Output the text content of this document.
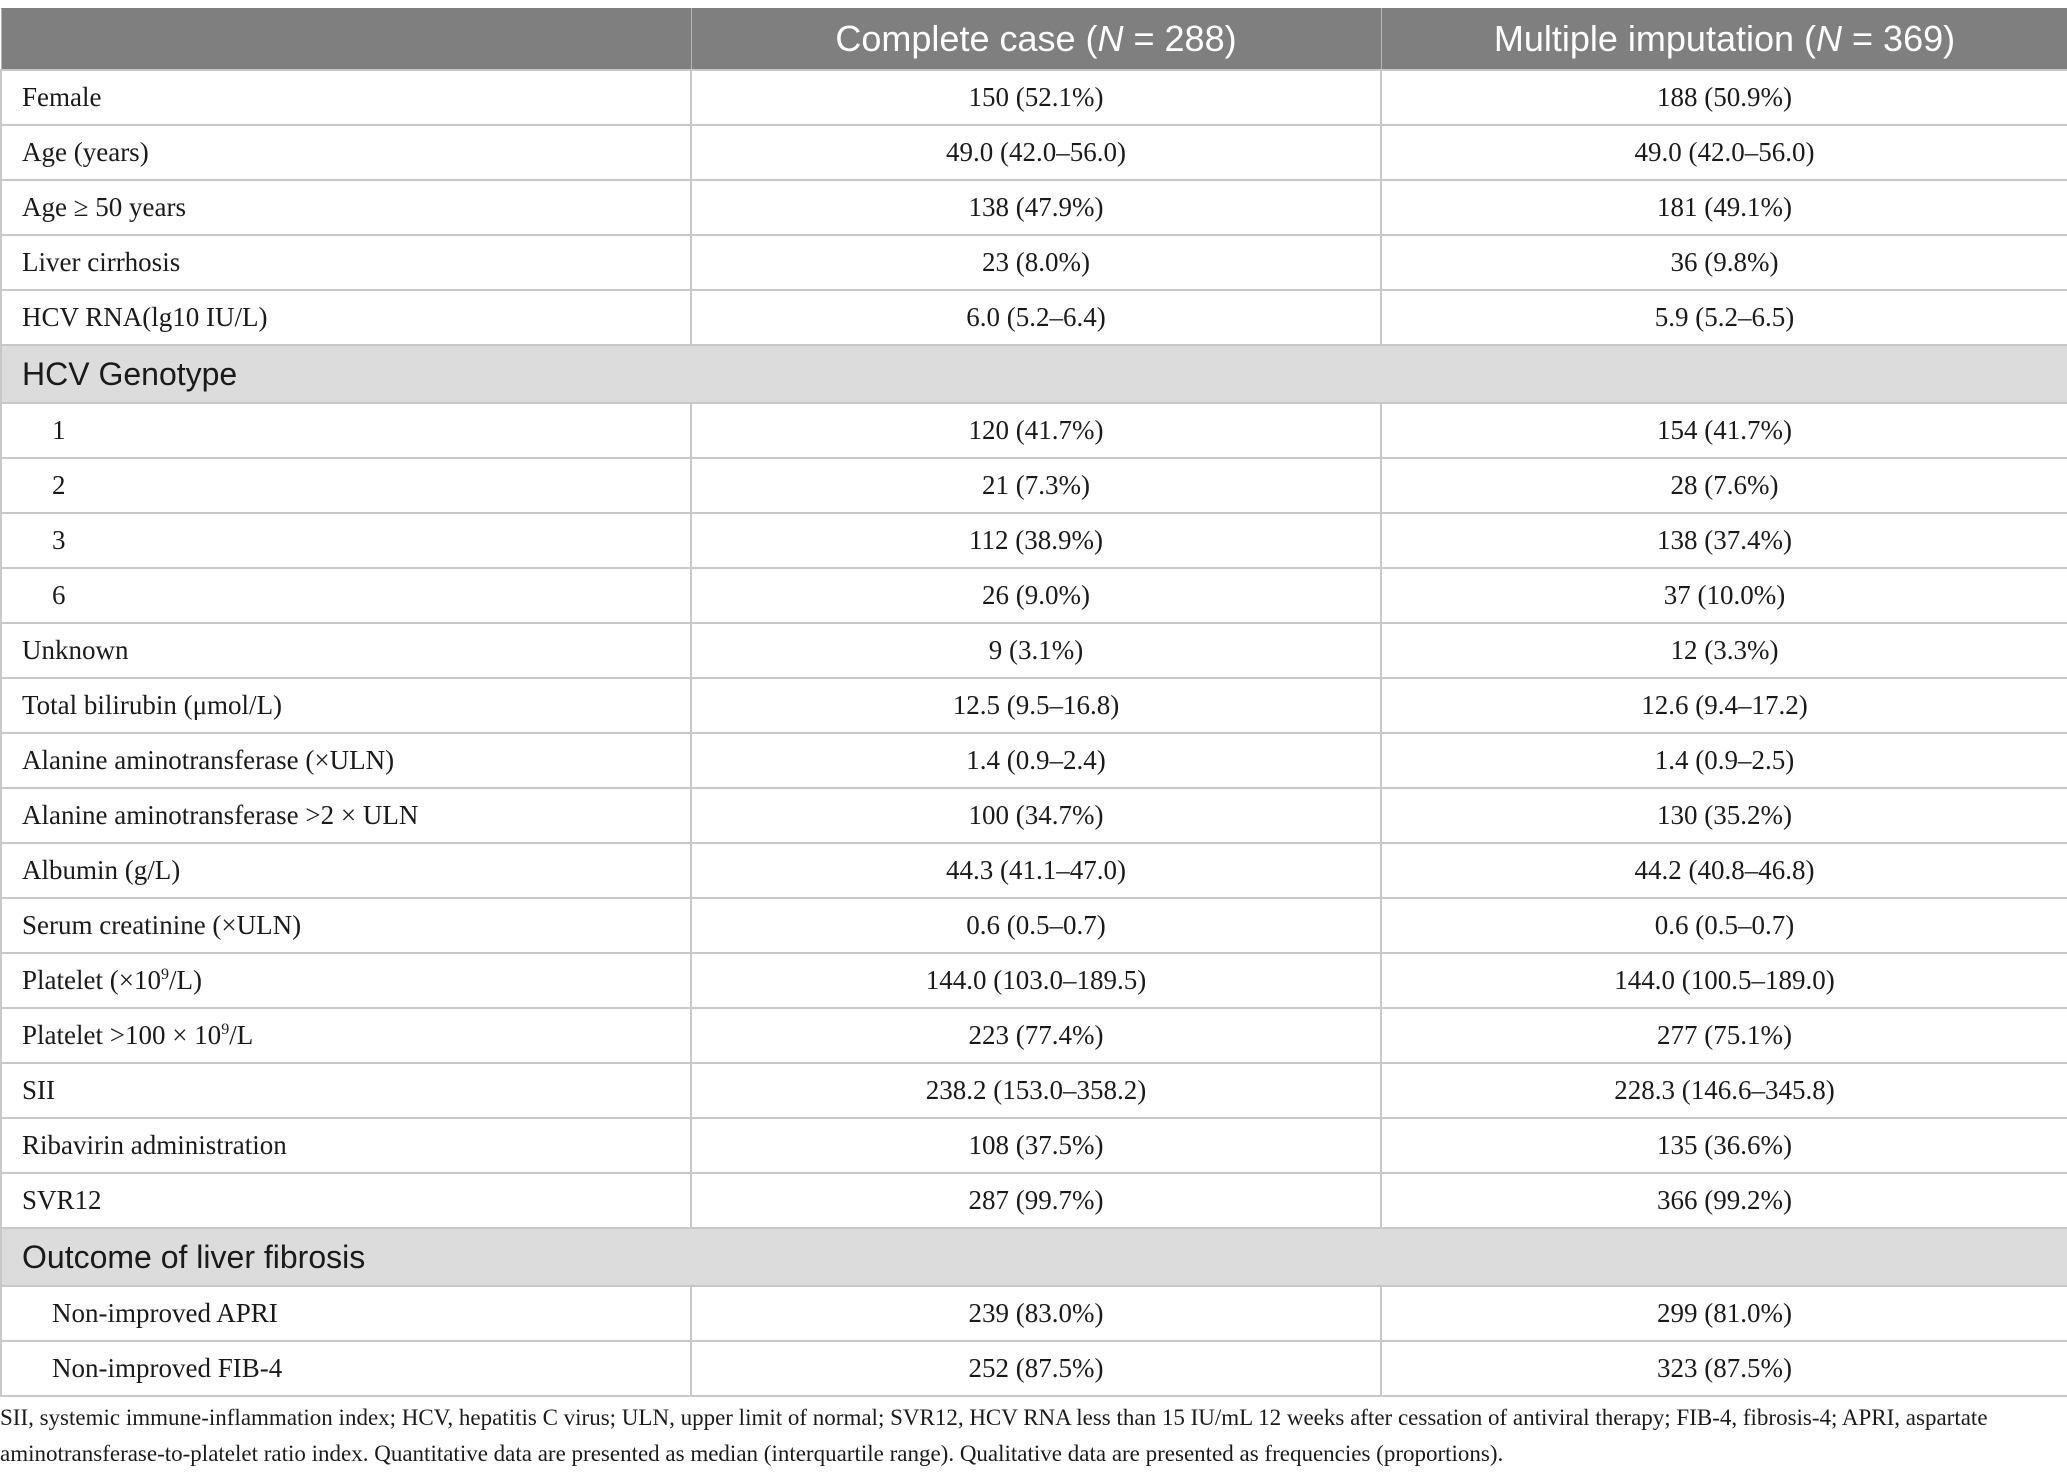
	Complete case (N = 288)	Multiple imputation (N = 369)
Female	150 (52.1%)	188 (50.9%)
Age (years)	49.0 (42.0–56.0)	49.0 (42.0–56.0)
Age ≥ 50 years	138 (47.9%)	181 (49.1%)
Liver cirrhosis	23 (8.0%)	36 (9.8%)
HCV RNA(lg10 IU/L)	6.0 (5.2–6.4)	5.9 (5.2–6.5)
HCV Genotype		
1	120 (41.7%)	154 (41.7%)
2	21 (7.3%)	28 (7.6%)
3	112 (38.9%)	138 (37.4%)
6	26 (9.0%)	37 (10.0%)
Unknown	9 (3.1%)	12 (3.3%)
Total bilirubin (μmol/L)	12.5 (9.5–16.8)	12.6 (9.4–17.2)
Alanine aminotransferase (×ULN)	1.4 (0.9–2.4)	1.4 (0.9–2.5)
Alanine aminotransferase >2 × ULN	100 (34.7%)	130 (35.2%)
Albumin (g/L)	44.3 (41.1–47.0)	44.2 (40.8–46.8)
Serum creatinine (×ULN)	0.6 (0.5–0.7)	0.6 (0.5–0.7)
Platelet $(\times 10^9/L)$	144.0 (103.0–189.5)	144.0 (100.5–189.0)
Platelet $>100 \times 10^9/L$	223 (77.4%)	277 (75.1%)
SII	238.2 (153.0–358.2)	228.3 (146.6–345.8)
Ribavirin administration	108 (37.5%)	135 (36.6%)
SVR12	287 (99.7%)	366 (99.2%)
Outcome of liver fibrosis		
Non-improved APRI	239 (83.0%)	299 (81.0%)
Non-improved FIB-4	252 (87.5%)	323 (87.5%)
SII, systemic immune-inflammation index; HCV, hepatitis C virus; ULN, upper limit of normal; SVR12, HCV RNA less than 15 IU/mL 12 weeks after cessation of antiviral therapy; FIB-4, fibrosis-4; APRI, aspartate aminotransferase-to-platelet ratio index. Quantitative data are presented as median (interquartile range). Qualitative data are presented as frequencies (proportions).
